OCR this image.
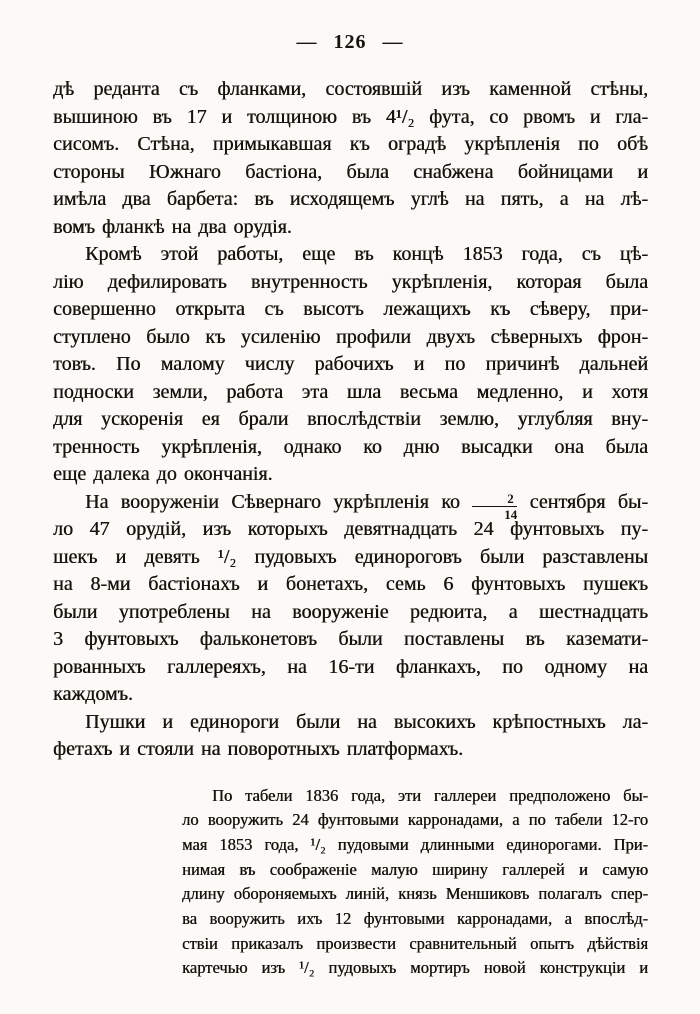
— 126 —
дѣ реданта съ фланками, состоявшій изъ каменной стѣны,
вышиною въ 17 и толщиною въ 4¹/₂ фута, со рвомъ и гла-
сисомъ. Стѣна, примыкавшая къ оградѣ укрѣпленія по обѣ
стороны Южнаго бастіона, была снабжена бойницами и
имѣла два барбета: въ исходящемъ углѣ на пять, а на лѣ-
вомъ фланкѣ на два орудія.
Кромѣ этой работы, еще въ концѣ 1853 года, съ цѣ-
лію дефилировать внутренность укрѣпленія, которая была
совершенно открыта съ высотъ лежащихъ къ сѣверу, при-
ступлено было къ усиленію профили двухъ сѣверныхъ фрон-
товъ. По малому числу рабочихъ и по причинѣ дальней
подноски земли, работа эта шла весьма медленно, и хотя
для ускоренія ея брали впослѣдствіи землю, углубляя вну-
тренность укрѣпленія, однако ко дню высадки она была
еще далека до окончанія.
На вооруженіи Сѣвернаго укрѣпленія ко $\frac{2}{14}$ сентября бы-
ло 47 орудій, изъ которыхъ девятнадцать 24 фунтовыхъ пу-
шекъ и девять ¹/₂ пудовыхъ единороговъ были разставлены
на 8-ми бастіонахъ и бонетахъ, семь 6 фунтовыхъ пушекъ
были употреблены на вооруженіе редюита, а шестнадцать
3 фунтовыхъ фальконетовъ были поставлены въ каземати-
рованныхъ галлереяхъ, на 16-ти фланкахъ, по одному на
каждомъ.
Пушки и единороги были на высокихъ крѣпостныхъ ла-
фетахъ и стояли на поворотныхъ платформахъ.
По табели 1836 года, эти галлереи предположено бы-
ло вооружить 24 фунтовыми карронадами, а по табели 12-го
мая 1853 года, ¹/₂ пудовыми длинными единорогами. При-
нимая въ соображеніе малую ширину галлерей и самую
длину обороняемыхъ линій, князь Меншиковъ полагалъ спер-
ва вооружить ихъ 12 фунтовыми карронадами, а впослѣд-
ствіи приказалъ произвести сравнительный опытъ дѣйствія
картечью изъ ¹/₂ пудовыхъ мортиръ новой конструкціи и
